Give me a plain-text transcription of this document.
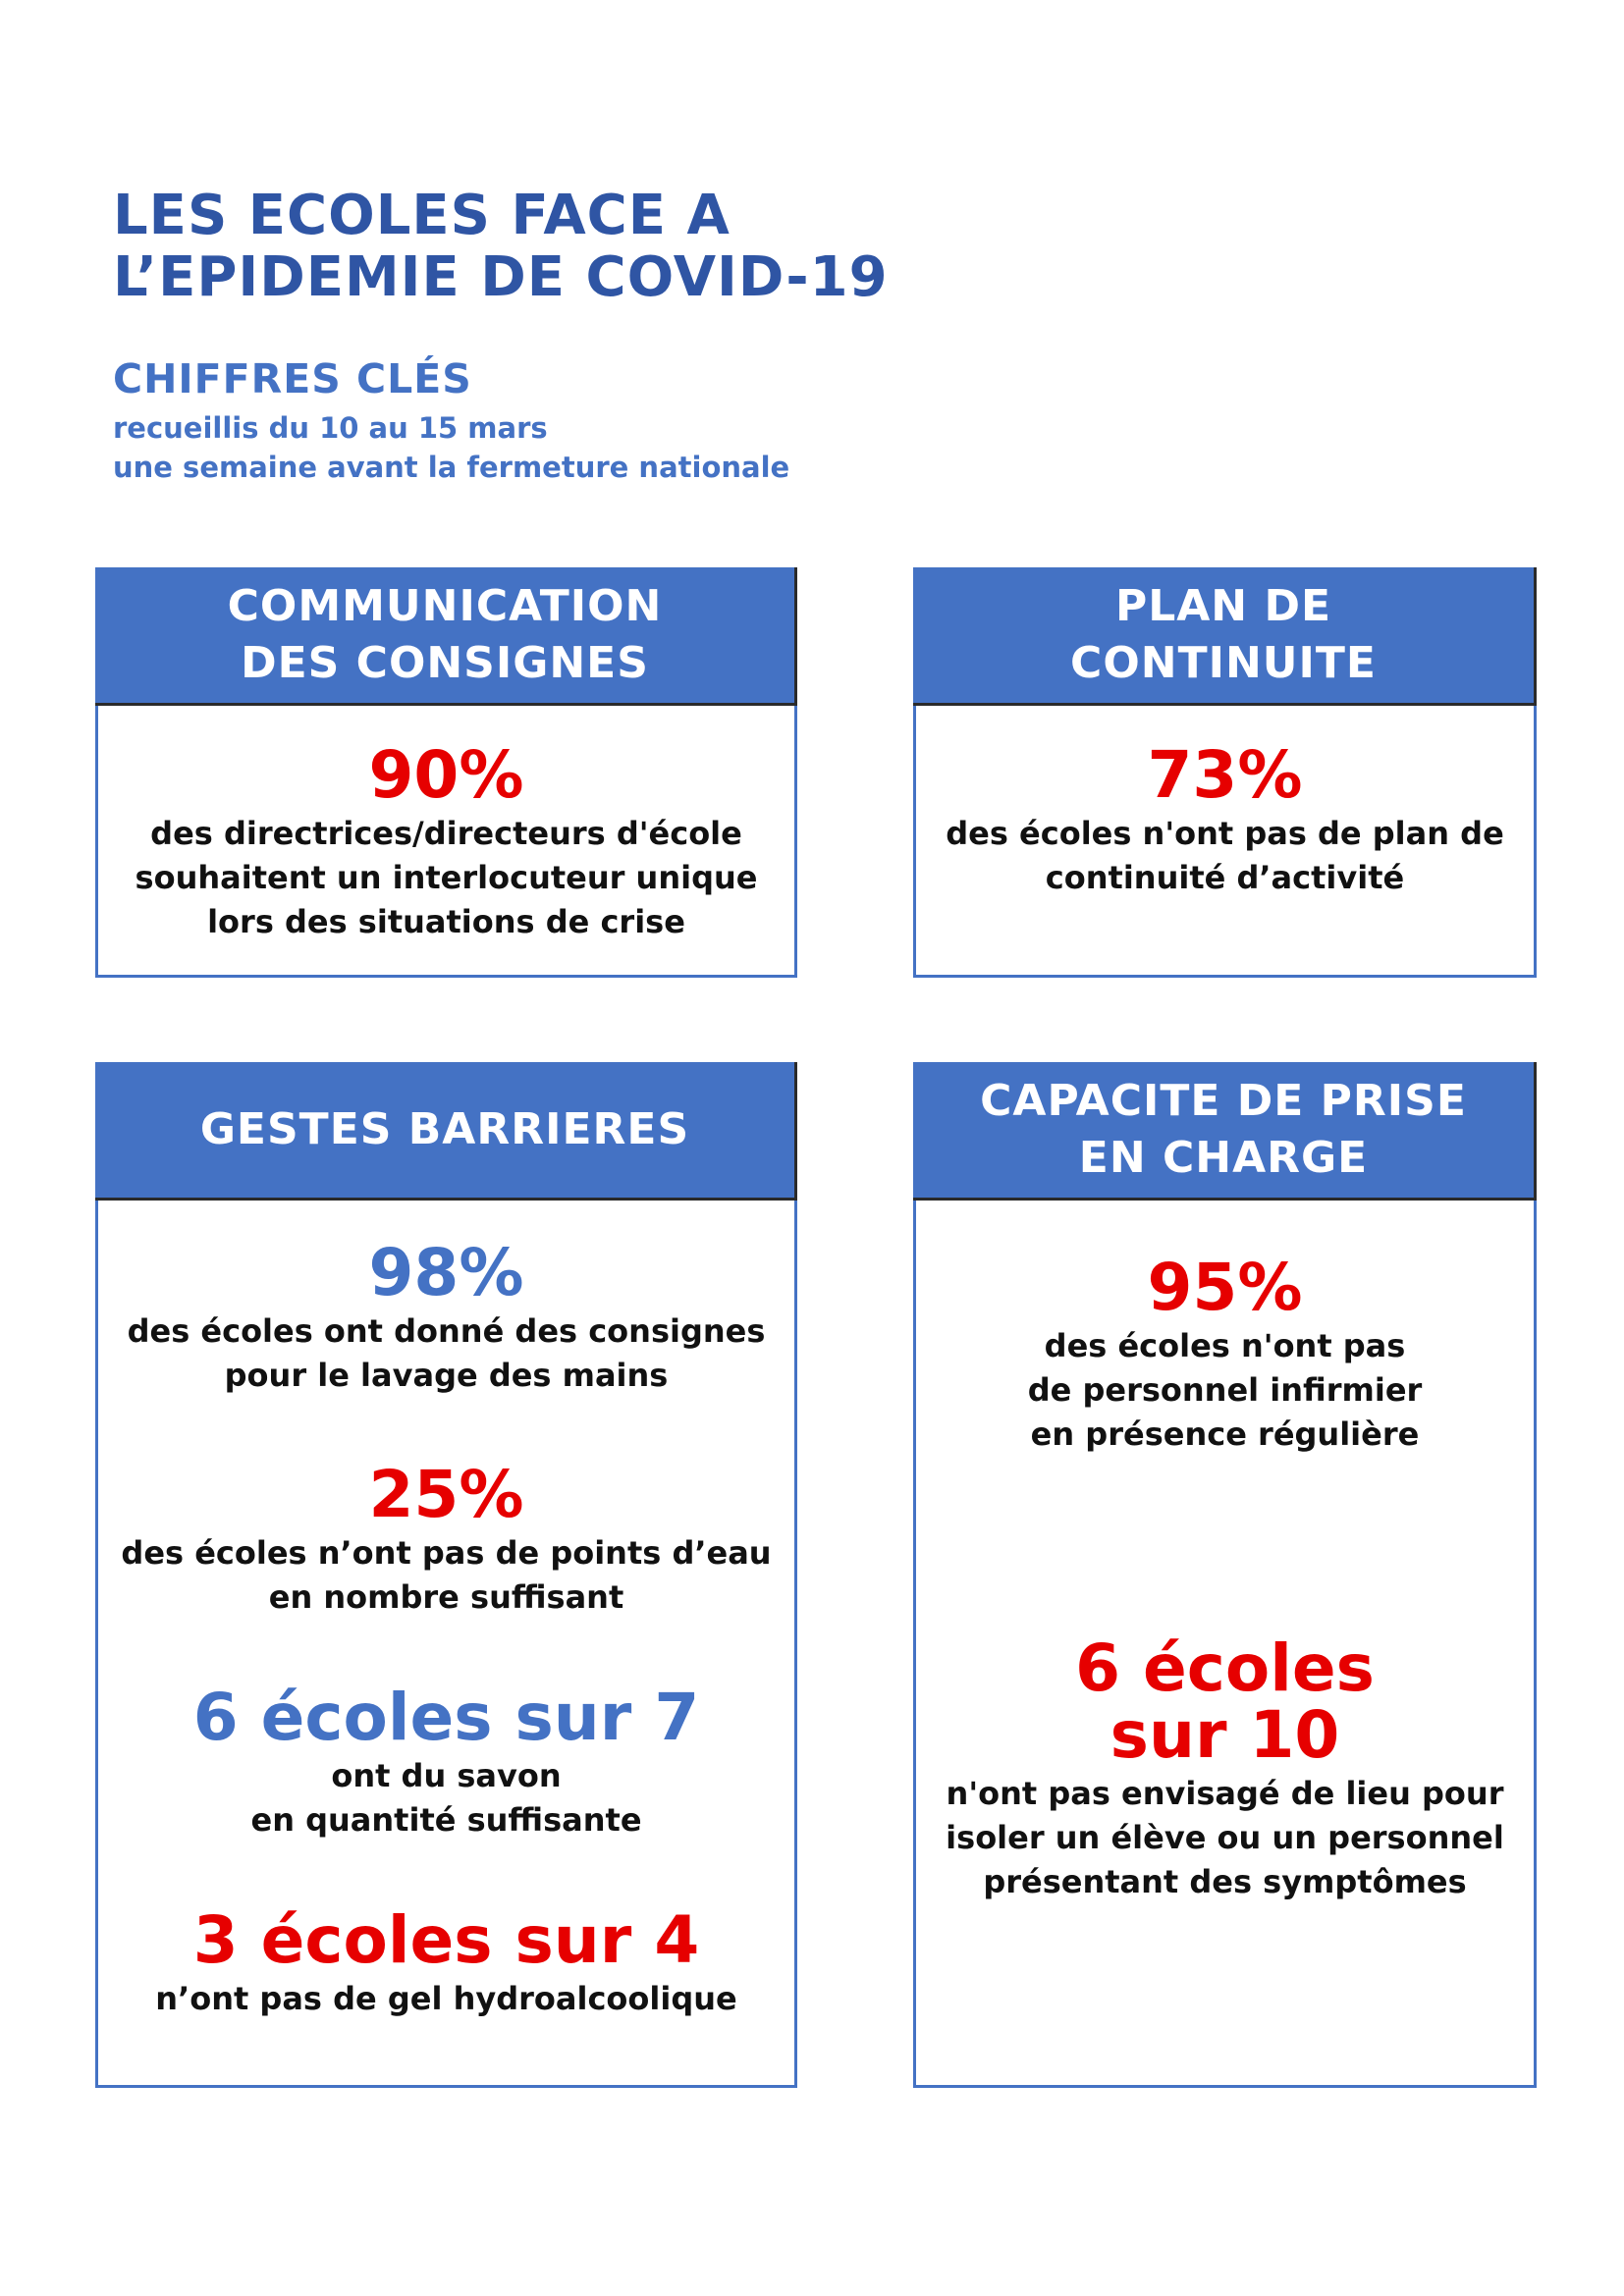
LES ECOLES FACE A
L’EPIDEMIE DE COVID-19
CHIFFRES CLÉS
recueillis du 10 au 15 mars
une semaine avant la fermeture nationale
COMMUNICATION
DES CONSIGNES
90%
des directrices/directeurs d'école
souhaitent un interlocuteur unique
lors des situations de crise
PLAN DE
CONTINUITE
73%
des écoles n'ont pas de plan de
continuité d’activité
GESTES BARRIERES
98%
des écoles ont donné des consignes
pour le lavage des mains
25%
des écoles n’ont pas de points d’eau
en nombre suffisant
6 écoles sur 7
ont du savon
en quantité suffisante
3 écoles sur 4
n’ont pas de gel hydroalcoolique
CAPACITE DE PRISE
EN CHARGE
95%
des écoles n'ont pas
de personnel infirmier
en présence régulière
6 écoles
sur 10
n'ont pas envisagé de lieu pour
isoler un élève ou un personnel
présentant des symptômes
